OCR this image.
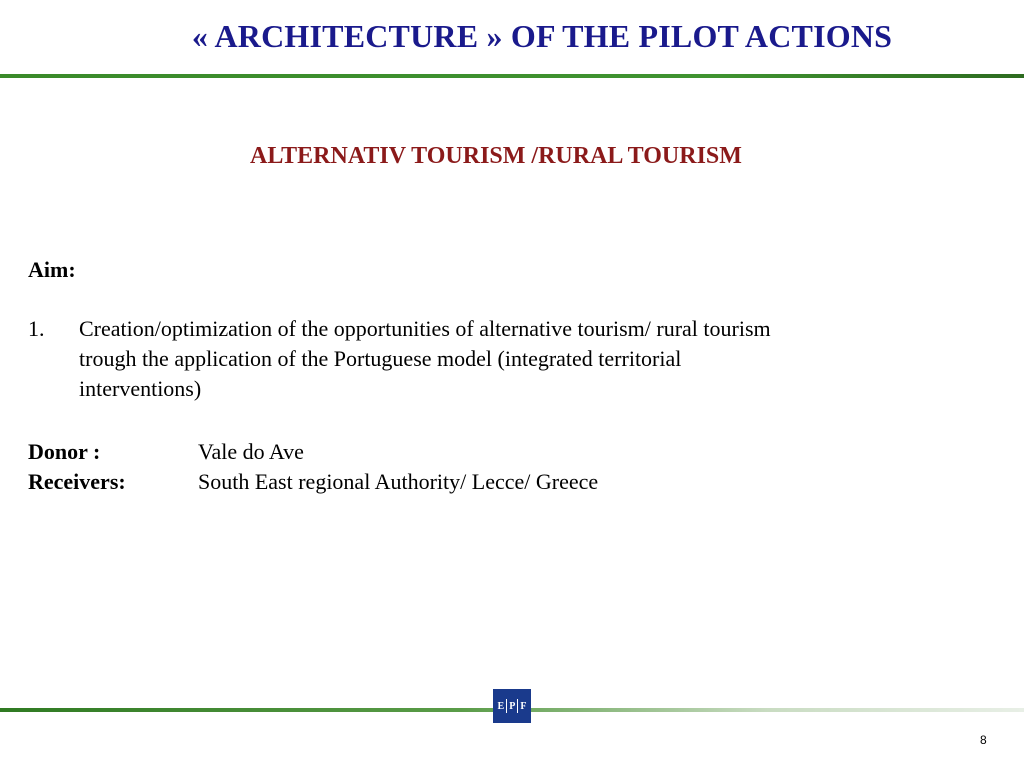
« ARCHITECTURE » OF THE PILOT ACTIONS
ALTERNATIV TOURISM /RURAL TOURISM
Aim:
1. Creation/optimization of the opportunities of alternative tourism/ rural tourism
trough the application of the Portuguese model (integrated territorial
interventions)
Donor :	Vale do Ave
Receivers:	South East regional Authority/ Lecce/ Greece
E P F
8
